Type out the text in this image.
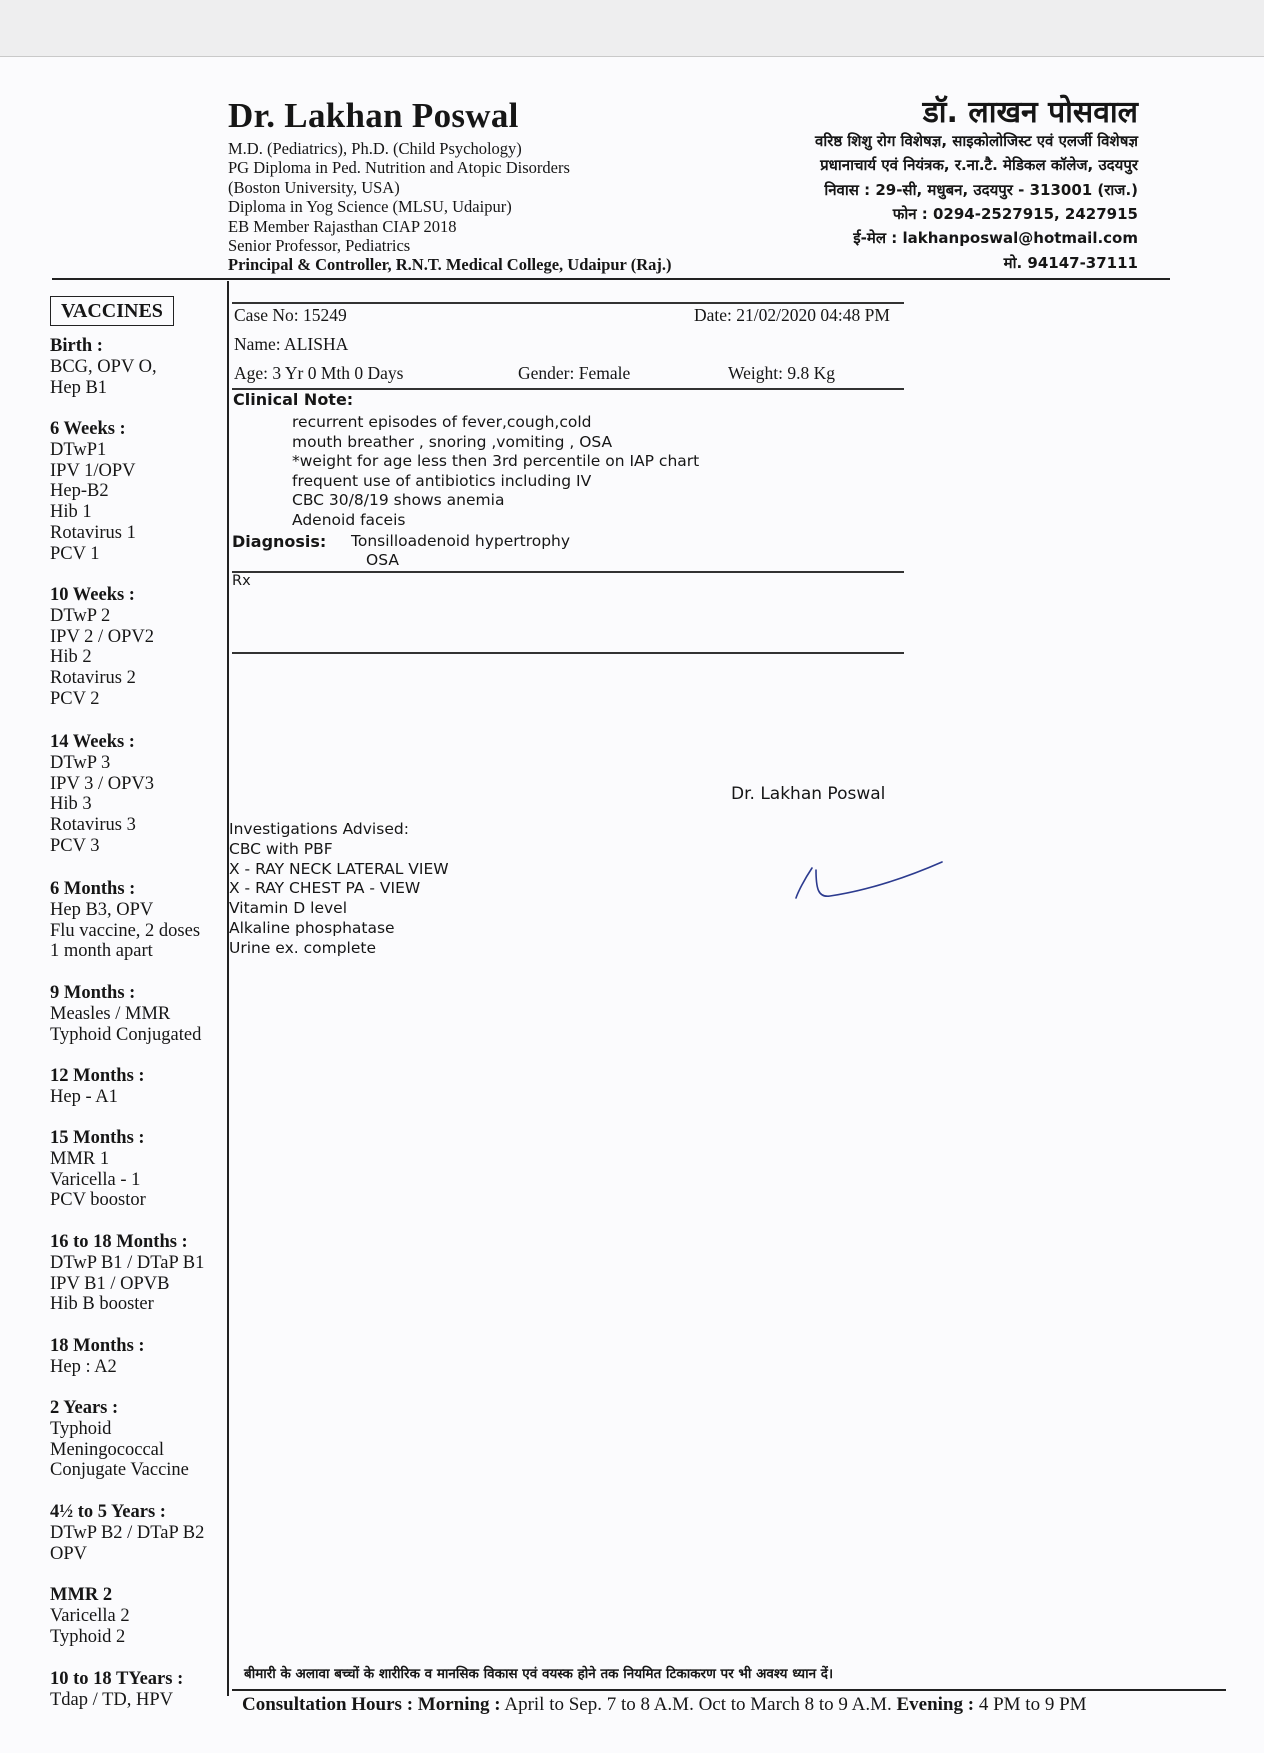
Dr. Lakhan Poswal
M.D. (Pediatrics), Ph.D. (Child Psychology)
PG Diploma in Ped. Nutrition and Atopic Disorders
(Boston University, USA)
Diploma in Yog Science (MLSU, Udaipur)
EB Member Rajasthan CIAP 2018
Senior Professor, Pediatrics
Principal & Controller, R.N.T. Medical College, Udaipur (Raj.)
डॉ. लाखन पोसवाल
वरिष्ठ शिशु रोग विशेषज्ञ, साइकोलोजिस्ट एवं एलर्जी विशेषज्ञ
प्रधानाचार्य एवं नियंत्रक, र.ना.टै. मेडिकल कॉलेज, उदयपुर
निवास : 29-सी, मधुबन, उदयपुर - 313001 (राज.)
फोन : 0294-2527915, 2427915
ई-मेल : lakhanposwal@hotmail.com
मो. 94147-37111
VACCINES
Birth :
BCG, OPV O,
Hep B1
6 Weeks :
DTwP1
IPV 1/OPV
Hep-B2
Hib 1
Rotavirus 1
PCV 1
10 Weeks :
DTwP 2
IPV 2 / OPV2
Hib 2
Rotavirus 2
PCV 2
14 Weeks :
DTwP 3
IPV 3 / OPV3
Hib 3
Rotavirus 3
PCV 3
6 Months :
Hep B3, OPV
Flu vaccine, 2 doses
1 month apart
9 Months :
Measles / MMR
Typhoid Conjugated
12 Months :
Hep - A1
15 Months :
MMR 1
Varicella - 1
PCV boostor
16 to 18 Months :
DTwP B1 / DTaP B1
IPV B1 / OPVB
Hib B booster
18 Months :
Hep : A2
2 Years :
Typhoid
Meningococcal
Conjugate Vaccine
4½ to 5 Years :
DTwP B2 / DTaP B2
OPV
MMR 2
Varicella 2
Typhoid 2
10 to 18 TYears :
Tdap / TD, HPV
Case No: 15249	Date: 21/02/2020 04:48 PM
Name: ALISHA
Age: 3 Yr 0 Mth 0 Days	Gender: Female	Weight: 9.8 Kg
Clinical Note:
recurrent episodes of fever,cough,cold
mouth breather , snoring ,vomiting , OSA
*weight for age less then 3rd percentile on IAP chart
frequent use of antibiotics including IV
CBC 30/8/19 shows anemia
Adenoid faceis
Diagnosis: Tonsilloadenoid hypertrophy
OSA
Rx
Dr. Lakhan Poswal
Investigations Advised:
CBC with PBF
X - RAY NECK LATERAL VIEW
X - RAY CHEST PA - VIEW
Vitamin D level
Alkaline phosphatase
Urine ex. complete
बीमारी के अलावा बच्चों के शारीरिक व मानसिक विकास एवं वयस्क होने तक नियमित टिकाकरण पर भी अवश्य ध्यान दें।
Consultation Hours : Morning : April to Sep. 7 to 8 A.M. Oct to March 8 to 9 A.M. Evening : 4 PM to 9 PM
